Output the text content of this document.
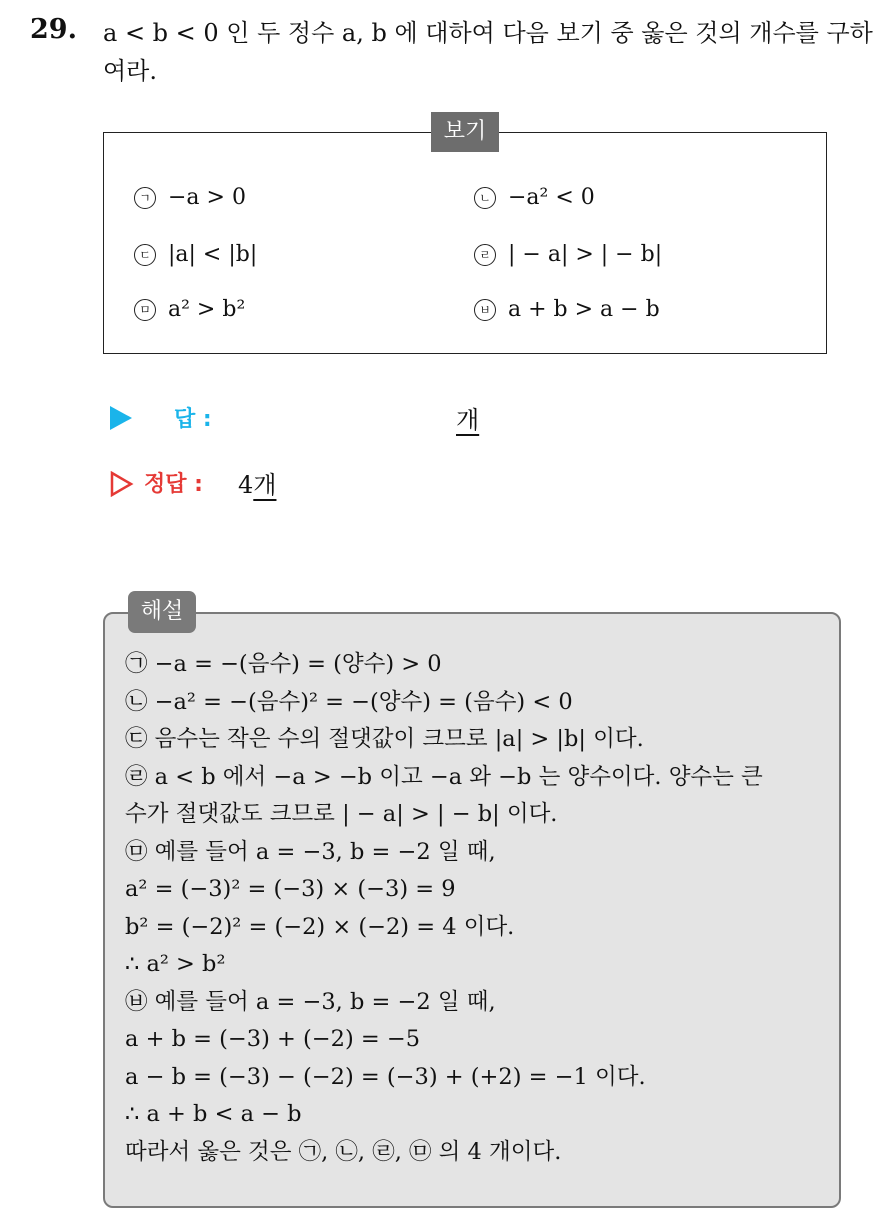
29. a < b < 0 인 두 정수 a, b 에 대하여 다음 보기 중 옳은 것의 개수를 구하여라.
ㄱ −a > 0	ㄴ −a² < 0
ㄷ |a| < |b|	ㄹ | − a| > | − b|
ㅁ a² > b²	ㅂ a + b > a − b
보기
답 :	개
정답 : 4개
해설
㉠ −a = −(음수) = (양수) > 0
㉡ −a² = −(음수)² = −(양수) = (음수) < 0
㉢ 음수는 작은 수의 절댓값이 크므로 |a| > |b| 이다.
㉣ a < b 에서 −a > −b 이고 −a 와 −b 는 양수이다. 양수는 큰
수가 절댓값도 크므로 | − a| > | − b| 이다.
㉤ 예를 들어 a = −3, b = −2 일 때,
a² = (−3)² = (−3) × (−3) = 9
b² = (−2)² = (−2) × (−2) = 4 이다.
∴ a² > b²
㉥ 예를 들어 a = −3, b = −2 일 때,
a + b = (−3) + (−2) = −5
a − b = (−3) − (−2) = (−3) + (+2) = −1 이다.
∴ a + b < a − b
따라서 옳은 것은 ㉠, ㉡, ㉣, ㉤ 의 4 개이다.
